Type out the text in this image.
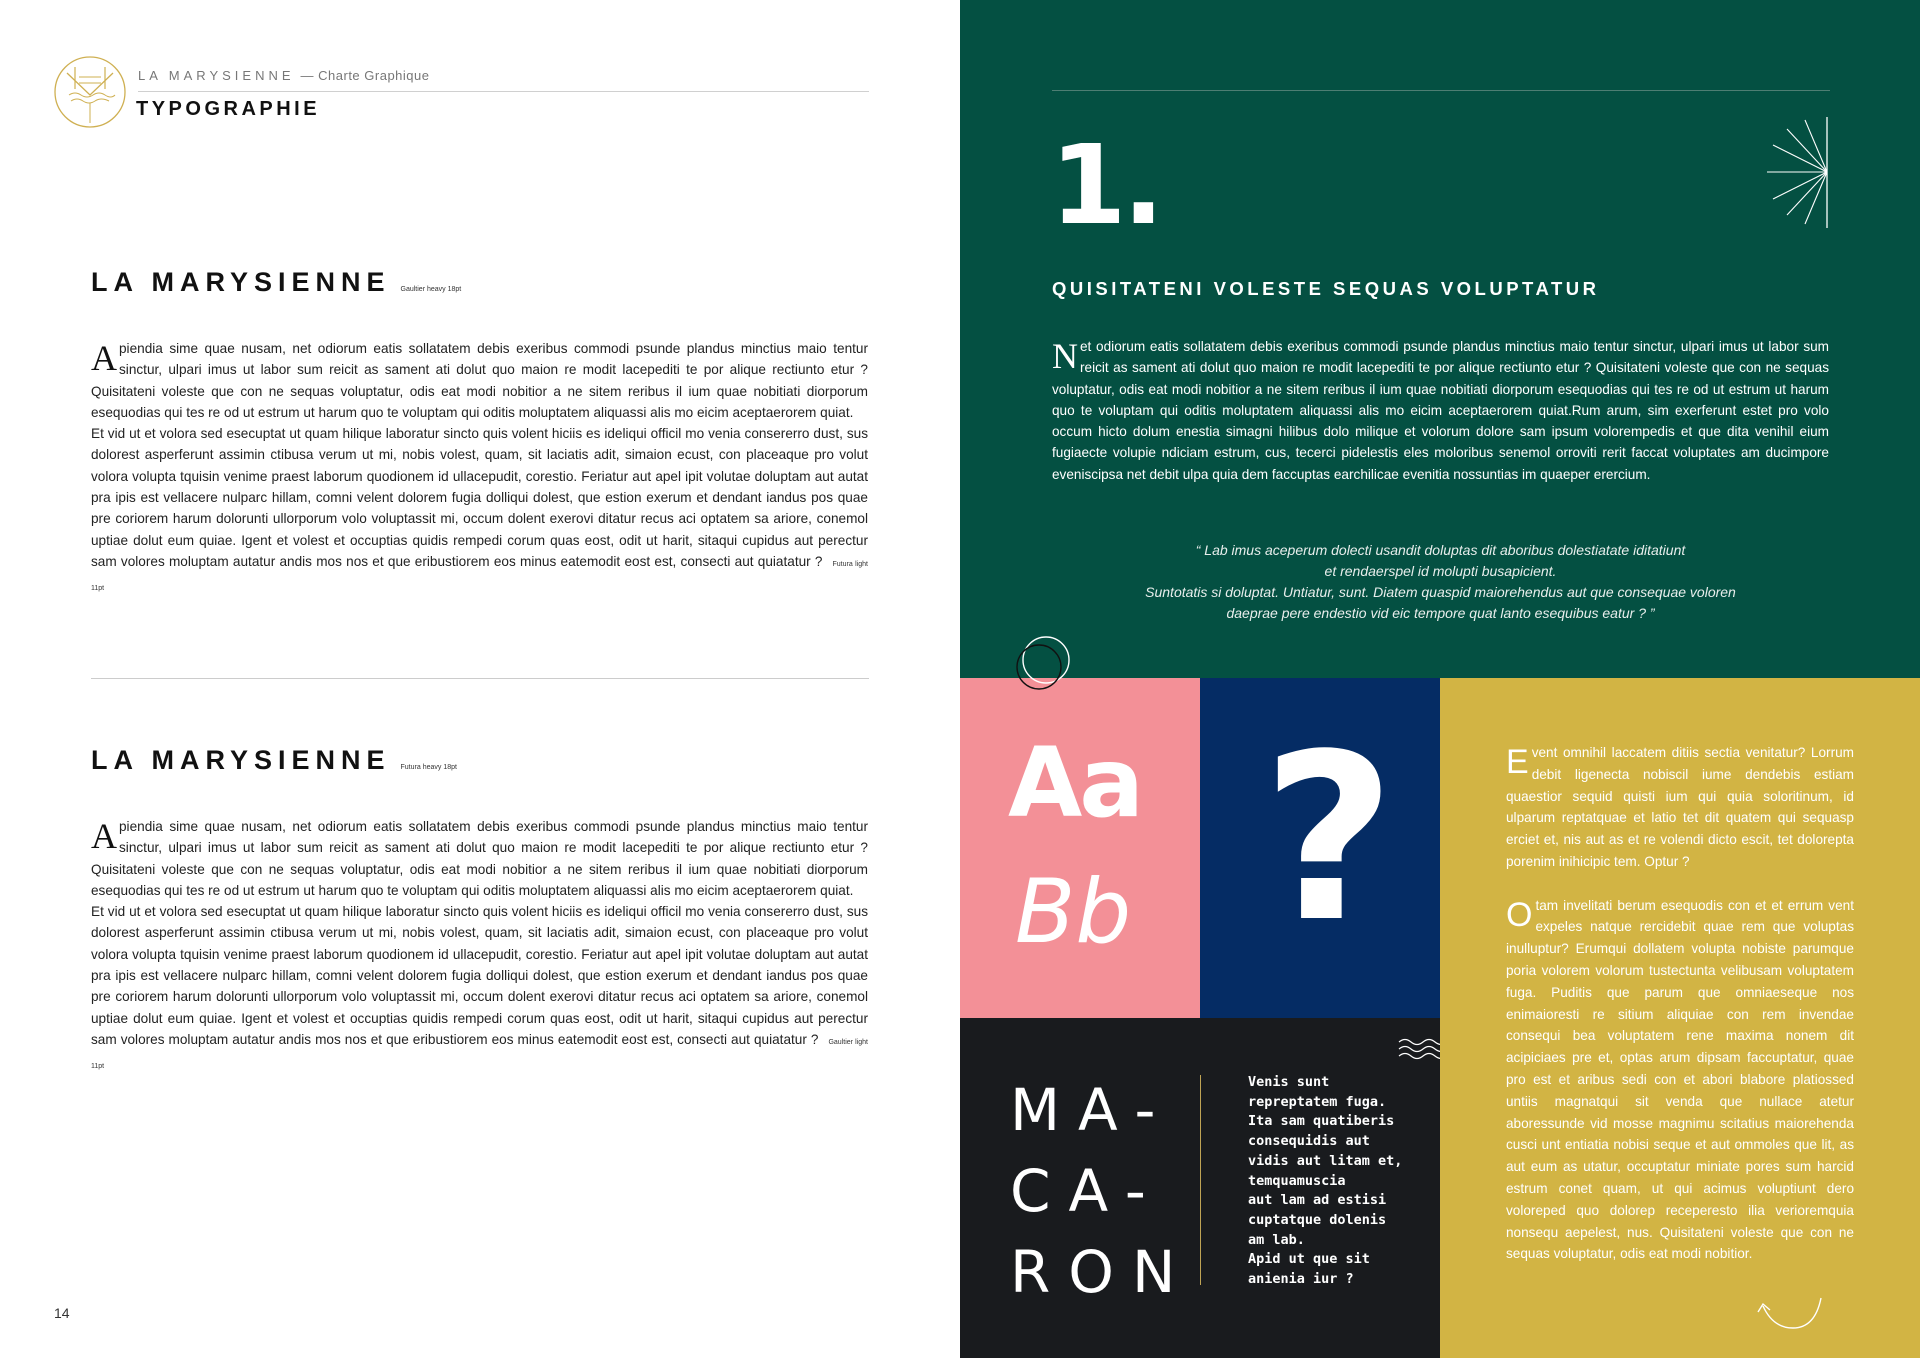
LA MARYSIENNE — Charte Graphique
TYPOGRAPHIE
LA MARYSIENNE Gaultier heavy 18pt

Apiendia sime quae nusam, net odiorum eatis sollatatem debis exeribus commodi psunde plandus minctius maio tentur sinctur, ulpari imus ut labor sum reicit as sament ati dolut quo maion re modit lacepediti te por alique rectiunto etur ? Quisitateni voleste que con ne sequas voluptatur, odis eat modi nobitior a ne sitem reribus il ium quae nobitiati diorporum esequodias qui tes re od ut estrum ut harum quo te voluptam qui oditis moluptatem aliquassi alis mo eicim aceptaerorem quiat.

Et vid ut et volora sed esecuptat ut quam hilique laboratur sincto quis volent hiciis es ideliqui officil mo venia consererro dust, sus dolorest asperferunt assimin ctibusa verum ut mi, nobis volest, quam, sit laciatis adit, simaion ecust, con placeaque pro volut volora volupta tquisin venime praest laborum quodionem id ullacepudit, corestio. Feriatur aut apel ipit volutae doluptam aut autat pra ipis est vellacere nulparc hillam, comni velent dolorem fugia dolliqui dolest, que estion exerum et dendant iandus pos quae pre coriorem harum dolorunti ullorporum volo voluptassit mi, occum dolent exerovi ditatur recus aci optatem sa ariore, conemol uptiae dolut eum quiae. Igent et volest et occuptias quidis rempedi corum quas eost, odit ut harit, sitaqui cupidus aut perectur sam volores moluptam autatur andis mos nos et que eribustiorem eos minus eatemodit eost est, consecti aut quiatatur ? Futura light 11pt

LA MARYSIENNE Futura heavy 18pt

Apiendia sime quae nusam, net odiorum eatis sollatatem debis exeribus commodi psunde plandus minctius maio tentur sinctur, ulpari imus ut labor sum reicit as sament ati dolut quo maion re modit lacepediti te por alique rectiunto etur ? Quisitateni voleste que con ne sequas voluptatur, odis eat modi nobitior a ne sitem reribus il ium quae nobitiati diorporum esequodias qui tes re od ut estrum ut harum quo te voluptam qui oditis moluptatem aliquassi alis mo eicim aceptaerorem quiat.

Et vid ut et volora sed esecuptat ut quam hilique laboratur sincto quis volent hiciis es ideliqui officil mo venia consererro dust, sus dolorest asperferunt assimin ctibusa verum ut mi, nobis volest, quam, sit laciatis adit, simaion ecust, con placeaque pro volut volora volupta tquisin venime praest laborum quodionem id ullacepudit, corestio. Feriatur aut apel ipit volutae doluptam aut autat pra ipis est vellacere nulparc hillam, comni velent dolorem fugia dolliqui dolest, que estion exerum et dendant iandus pos quae pre coriorem harum dolorunti ullorporum volo voluptassit mi, occum dolent exerovi ditatur recus aci optatem sa ariore, conemol uptiae dolut eum quiae. Igent et volest et occuptias quidis rempedi corum quas eost, odit ut harit, sitaqui cupidus aut perectur sam volores moluptam autatur andis mos nos et que eribustiorem eos minus eatemodit eost est, consecti aut quiatatur ? Gaultier light 11pt

14
1.
QUISITATENI VOLESTE SEQUAS VOLUPTATUR

Net odiorum eatis sollatatem debis exeribus commodi psunde plandus minctius maio tentur sinctur, ulpari imus ut labor sum reicit as sament ati dolut quo maion re modit lacepediti te por alique rectiunto etur ? Quisitateni voleste que con ne sequas voluptatur, odis eat modi nobitior a ne sitem reribus il ium quae nobitiati diorporum esequodias qui tes re od ut estrum ut harum quo te voluptam qui oditis moluptatem aliquassi alis mo eicim aceptaerorem quiat.Rum arum, sim exerferunt estet pro volo occum hicto dolum enestia simagni hilibus dolo milique et volorum dolore sam ipsum volorempedis et que dita venihil eium fugiaecte volupie ndiciam estrum, cus, tecerci pidelestis eles moloribus senemol orroviti rerit faccat voluptates am ducimpore eveniscipsa net debit ulpa quia dem faccuptas earchilicae evenitia nossuntias im quaeper erercium.

“ Lab imus aceperum dolecti usandit doluptas dit aboribus dolestiatate iditatiunt
et rendaerspel id molupti busapicient.
Suntotatis si doluptat. Untiatur, sunt. Diatem quaspid maiorehendus aut que consequae voloren
daeprae pere endestio vid eic tempore quat lanto esequibus eatur ? ”
Aa
Bb ?
MA-
CA-
RON
Venis sunt
repreptatem fuga.
Ita sam quatiberis
consequidis aut
vidis aut litam et,
temquamuscia
aut lam ad estisi
cuptatque dolenis
am lab.
Apid ut que sit
anienia iur ?

Event omnihil laccatem ditiis sectia venitatur? Lorrum debit ligenecta nobiscil iume dendebis estiam quaestior sequid quisti ium qui quia soloritinum, id ulparum reptatquae et latio tet dit quatem qui sequasp erciet et, nis aut as et re volendi dicto escit, tet dolorepta porenim inihicipic tem. Optur ?

Otam invelitati berum esequodis con et et errum vent expeles natque rercidebit quae rem que voluptas inulluptur? Erumqui dollatem volupta nobiste parumque poria volorem volorum tustectunta velibusam voluptatem fuga. Puditis que parum que omniaeseque nos enimaioresti re sitium aliquiae con rem invendae consequi bea voluptatem rene maxima nonem dit acipiciaes pre et, optas arum dipsam faccuptatur, quae pro est et aribus sedi con et abori blabore platiossed untiis magnatqui sit venda que nullace atetur aboressunde vid mosse magnimu scitatius maiorehenda cusci unt entiatia nobisi seque et aut ommoles que lit, as aut eum as utatur, occuptatur miniate pores sum harcid estrum conet quam, ut qui acimus voluptiunt dero voloreped quo dolorep receperesto ilia verioremquia nonsequ aepelest, nus. Quisitateni voleste que con ne sequas voluptatur, odis eat modi nobitior.
